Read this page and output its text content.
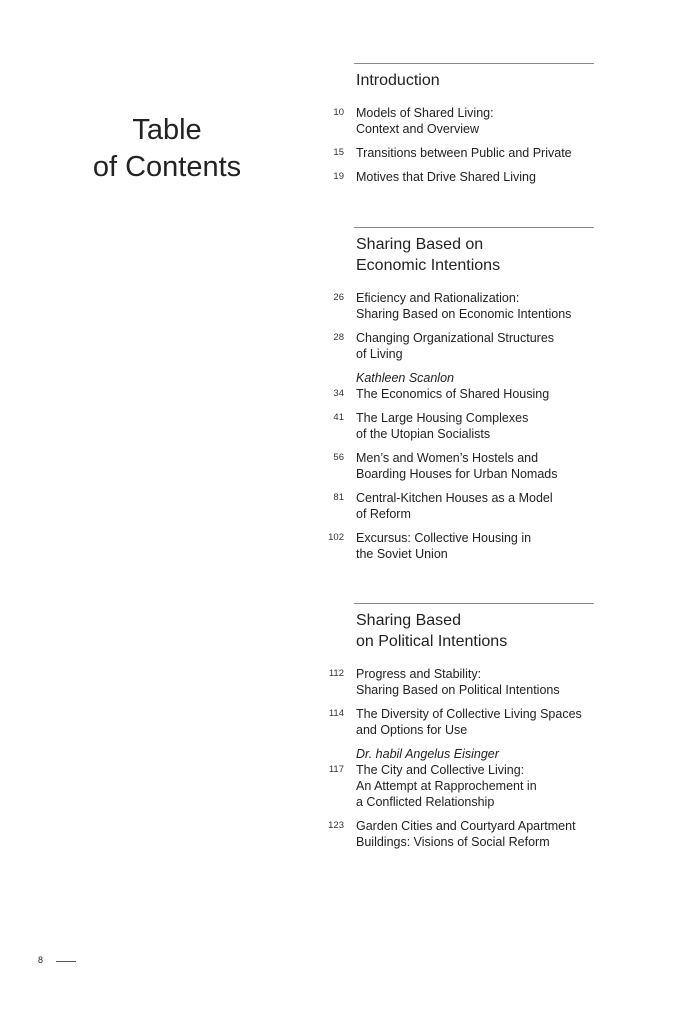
Table
of Contents
Introduction
10 Models of Shared Living:
Context and Overview
15 Transitions between Public and Private
19 Motives that Drive Shared Living
Sharing Based on
Economic Intentions
26 Eficiency and Rationalization:
Sharing Based on Economic Intentions
28 Changing Organizational Structures
of Living
34
Kathleen Scanlon
The Economics of Shared Housing
41 The Large Housing Complexes
of the Utopian Socialists
56 Men’s and Women’s Hostels and
Boarding Houses for Urban Nomads
81 Central-Kitchen Houses as a Model
of Reform
102 Excursus: Collective Housing in
the Soviet Union
Sharing Based
on Political Intentions
112 Progress and Stability:
Sharing Based on Political Intentions
114 The Diversity of Collective Living Spaces
and Options for Use
117
Dr. habil Angelus Eisinger
The City and Collective Living:
An Attempt at Rapprochement in
a Conflicted Relationship
123 Garden Cities and Courtyard Apartment
Buildings: Visions of Social Reform
8
